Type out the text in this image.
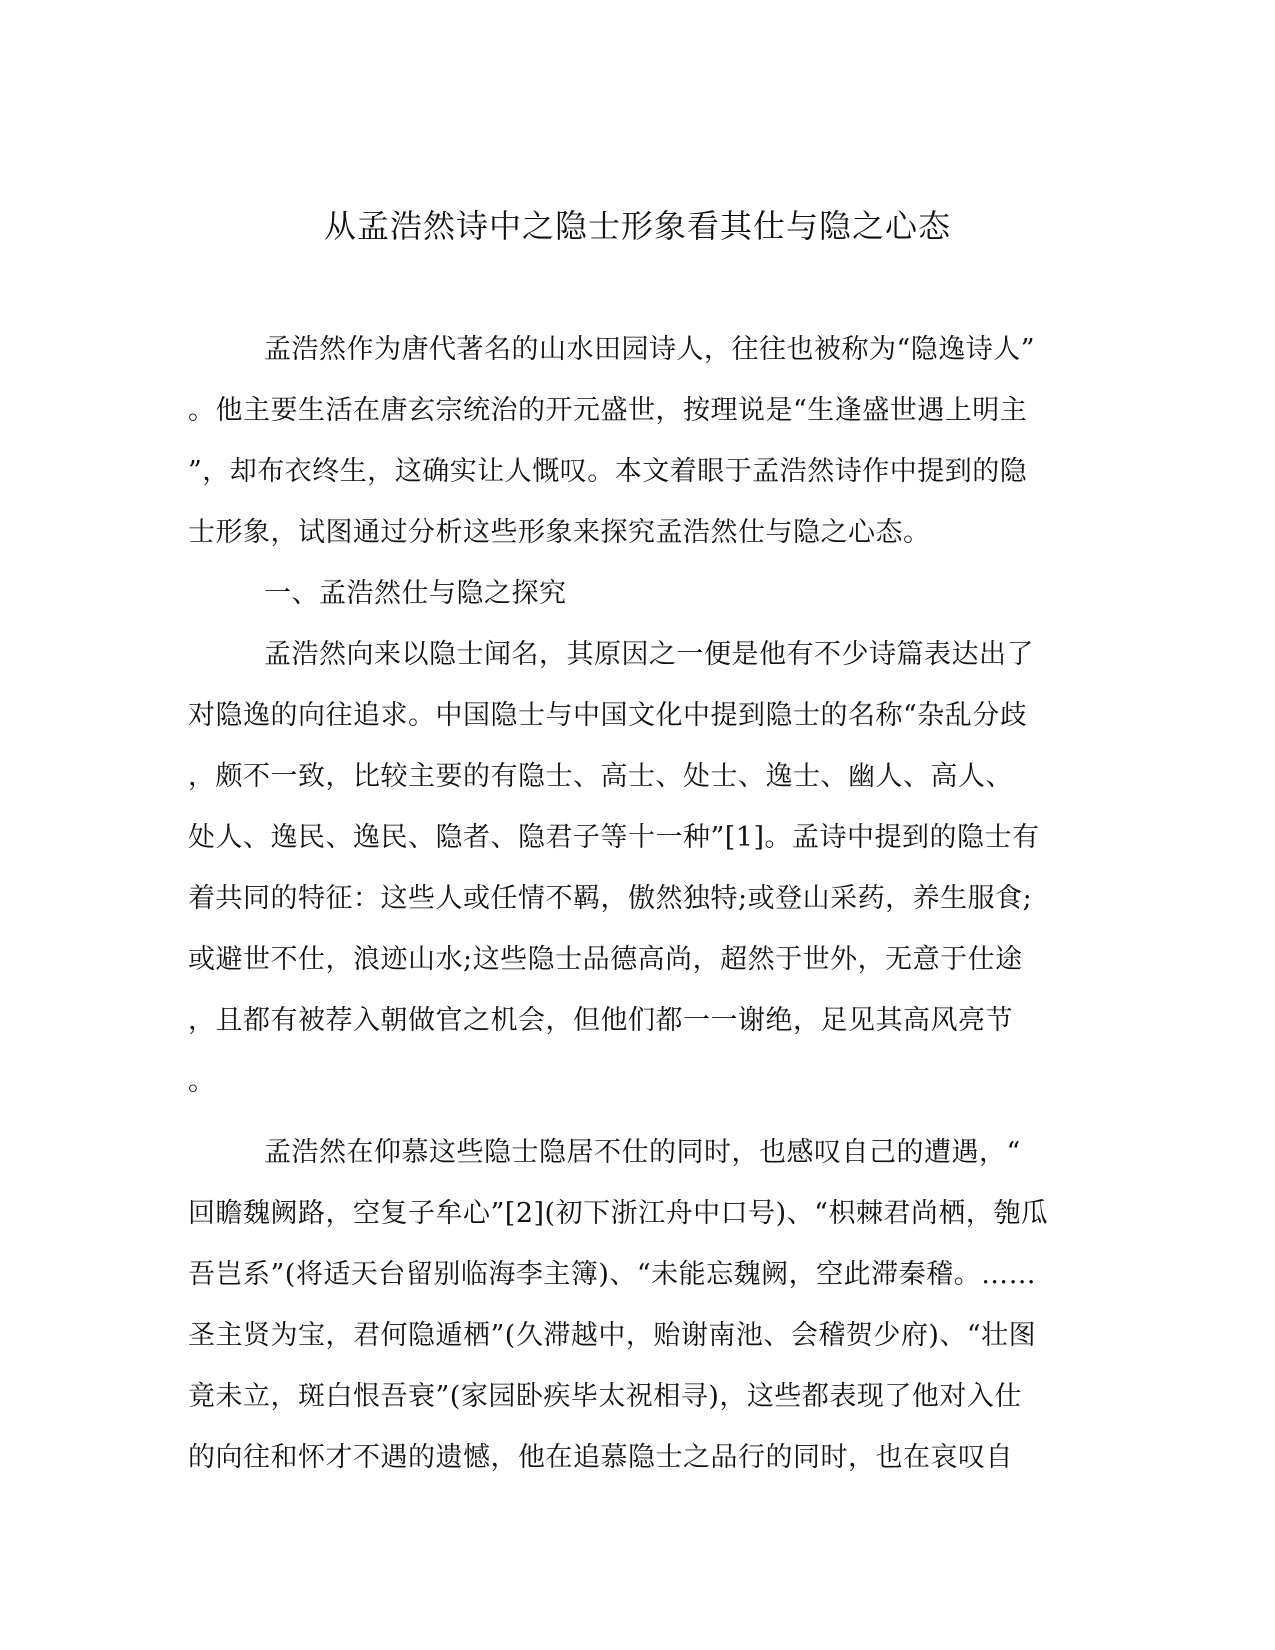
从孟浩然诗中之隐士形象看其仕与隐之心态
孟浩然作为唐代著名的山水田园诗人，往往也被称为“隐逸诗人”
。他主要生活在唐玄宗统治的开元盛世，按理说是“生逢盛世遇上明主
”，却布衣终生，这确实让人慨叹。本文着眼于孟浩然诗作中提到的隐
士形象，试图通过分析这些形象来探究孟浩然仕与隐之心态。
一、孟浩然仕与隐之探究
孟浩然向来以隐士闻名，其原因之一便是他有不少诗篇表达出了
对隐逸的向往追求。中国隐士与中国文化中提到隐士的名称“杂乱分歧
，颇不一致，比较主要的有隐士、高士、处士、逸士、幽人、高人、
处人、逸民、逸民、隐者、隐君子等十一种”[1]。孟诗中提到的隐士有
着共同的特征：这些人或任情不羁，傲然独特;或登山采药，养生服食;
或避世不仕，浪迹山水;这些隐士品德高尚，超然于世外，无意于仕途
，且都有被荐入朝做官之机会，但他们都一一谢绝，足见其高风亮节
。
孟浩然在仰慕这些隐士隐居不仕的同时，也感叹自己的遭遇，“
回瞻魏阙路，空复子牟心”[2](初下浙江舟中口号)、“枳棘君尚栖，匏瓜
吾岂系”(将适天台留别临海李主簿)、“未能忘魏阙，空此滞秦稽。……
圣主贤为宝，君何隐遁栖”(久滞越中，贻谢南池、会稽贺少府)、“壮图
竟未立，斑白恨吾衰”(家园卧疾毕太祝相寻)，这些都表现了他对入仕
的向往和怀才不遇的遗憾，他在追慕隐士之品行的同时，也在哀叹自
